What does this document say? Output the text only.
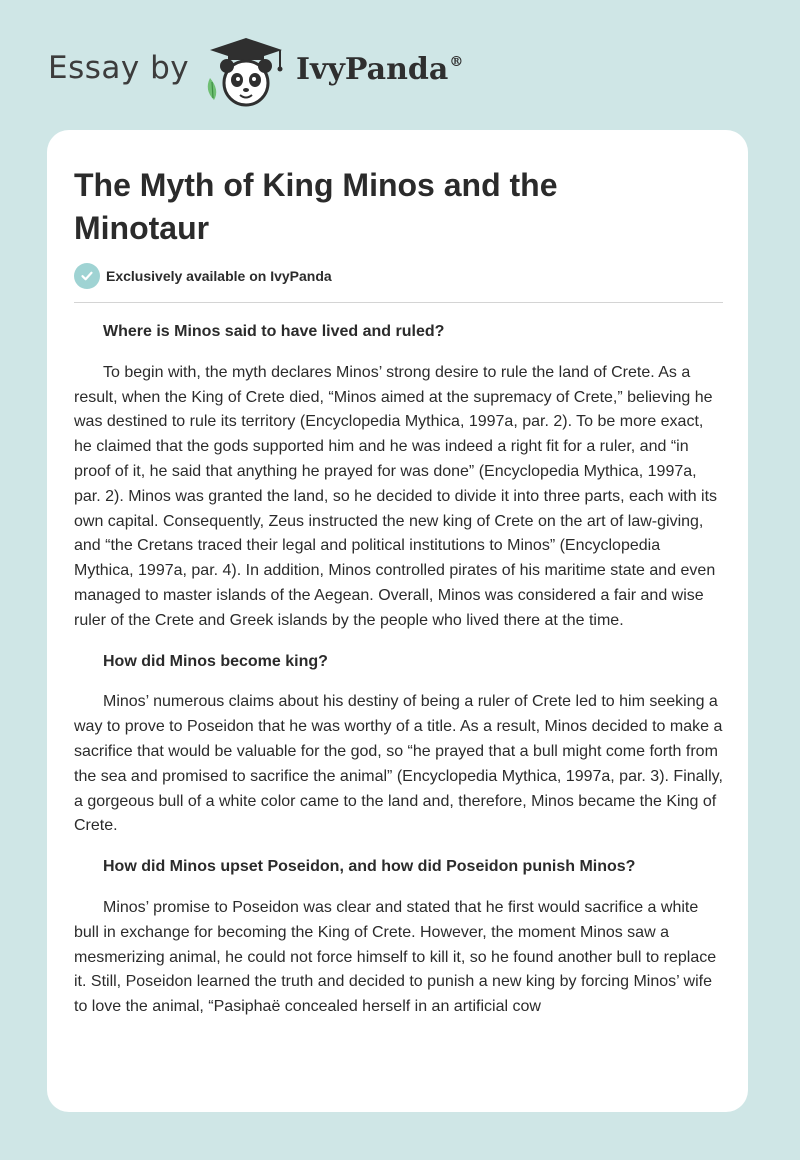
Essay by	IvyPanda®
The Myth of King Minos and the Minotaur
Exclusively available on IvyPanda
Where is Minos said to have lived and ruled?

To begin with, the myth declares Minos’ strong desire to rule the land of Crete. As a result, when the King of Crete died, “Minos aimed at the supremacy of Crete,” believing he was destined to rule its territory (Encyclopedia Mythica, 1997a, par. 2). To be more exact, he claimed that the gods supported him and he was indeed a right fit for a ruler, and “in proof of it, he said that anything he prayed for was done” (Encyclopedia Mythica, 1997a, par. 2). Minos was granted the land, so he decided to divide it into three parts, each with its own capital. Consequently, Zeus instructed the new king of Crete on the art of law-giving, and “the Cretans traced their legal and political institutions to Minos” (Encyclopedia Mythica, 1997a, par. 4). In addition, Minos controlled pirates of his maritime state and even managed to master islands of the Aegean. Overall, Minos was considered a fair and wise ruler of the Crete and Greek islands by the people who lived there at the time.

How did Minos become king?

Minos’ numerous claims about his destiny of being a ruler of Crete led to him seeking a way to prove to Poseidon that he was worthy of a title. As a result, Minos decided to make a sacrifice that would be valuable for the god, so “he prayed that a bull might come forth from the sea and promised to sacrifice the animal” (Encyclopedia Mythica, 1997a, par. 3). Finally, a gorgeous bull of a white color came to the land and, therefore, Minos became the King of Crete.

How did Minos upset Poseidon, and how did Poseidon punish Minos?

Minos’ promise to Poseidon was clear and stated that he first would sacrifice a white bull in exchange for becoming the King of Crete. However, the moment Minos saw a mesmerizing animal, he could not force himself to kill it, so he found another bull to replace it. Still, Poseidon learned the truth and decided to punish a new king by forcing Minos’ wife to love the animal, “Pasiphaë concealed herself in an artificial cow
